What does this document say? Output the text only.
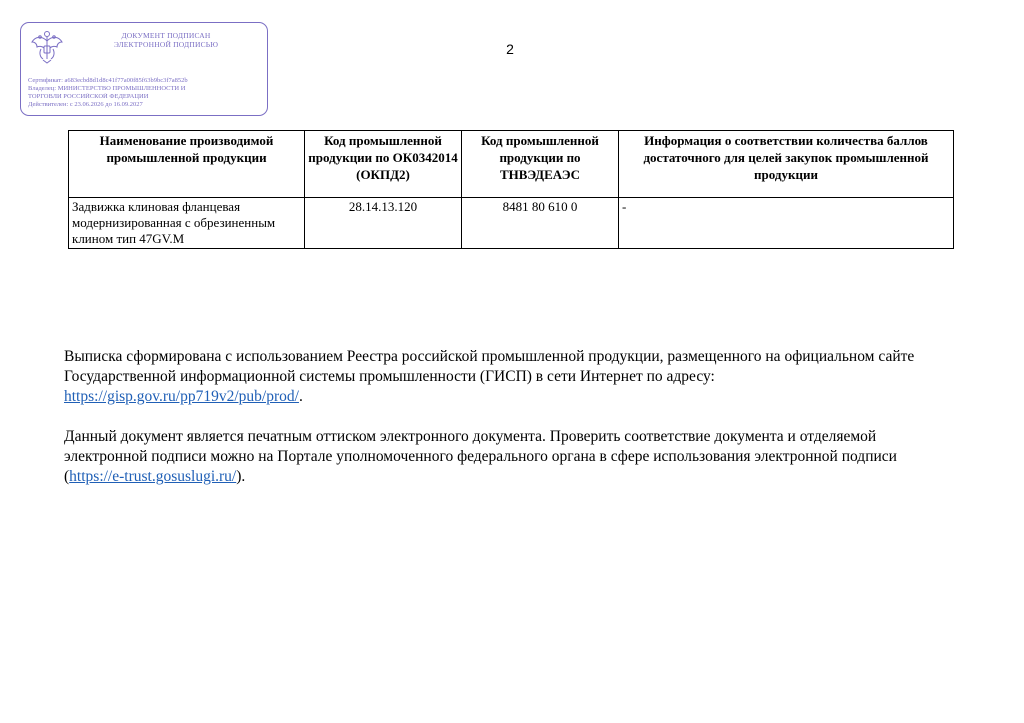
ДОКУМЕНТ ПОДПИСАН
ЭЛЕКТРОННОЙ ПОДПИСЬЮ
Сертификат: a683ecbd8d1d8c41f77a00f85f63b9bc3f7a852b
Владелец: МИНИСТЕРСТВО ПРОМЫШЛЕННОСТИ И
ТОРГОВЛИ РОССИЙСКОЙ ФЕДЕРАЦИИ
Действителен: с 23.06.2026 до 16.09.2027
2
Наименование производимой промышленной продукции	Код промышленной продукции по ОК0342014 (ОКПД2)	Код промышленной продукции по ТНВЭДЕАЭС	Информация о соответствии количества баллов достаточного для целей закупок промышленной продукции
Задвижка клиновая фланцевая модернизированная с обрезиненным клином тип 47GV.M	28.14.13.120	8481 80 610 0	-
Выписка сформирована с использованием Реестра российской промышленной продукции, размещенного на официальном сайте Государственной информационной системы промышленности (ГИСП) в сети Интернет по адресу: https://gisp.gov.ru/pp719v2/pub/prod/.
Данный документ является печатным оттиском электронного документа. Проверить соответствие документа и отделяемой электронной подписи можно на Портале уполномоченного федерального органа в сфере использования электронной подписи (https://e-trust.gosuslugi.ru/).
